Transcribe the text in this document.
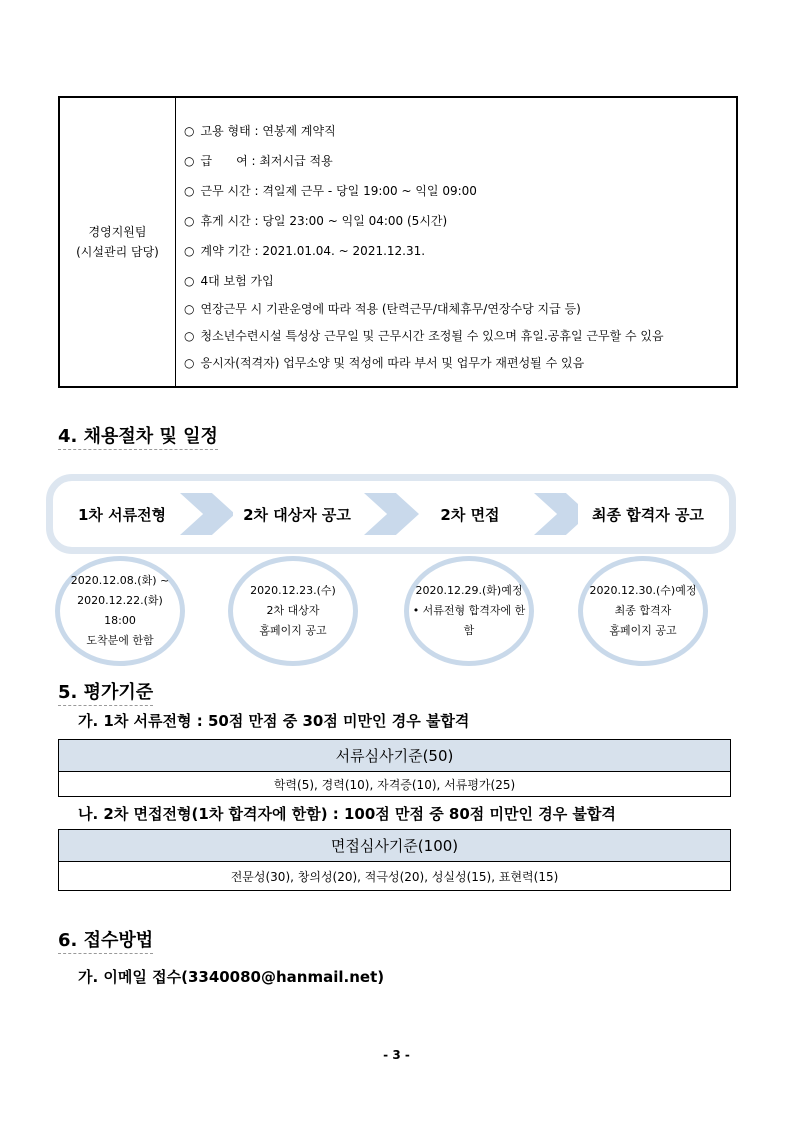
경영지원팀
(시설관리 담당)
○ 고용 형태 : 연봉제 계약직
○ 급　　여 : 최저시급 적용
○ 근무 시간 : 격일제 근무 - 당일 19:00 ~ 익일 09:00
○ 휴게 시간 : 당일 23:00 ~ 익일 04:00 (5시간)
○ 계약 기간 : 2021.01.04. ~ 2021.12.31.
○ 4대 보험 가입
○ 연장근무 시 기관운영에 따라 적용 (탄력근무/대체휴무/연장수당 지급 등)
○ 청소년수련시설 특성상 근무일 및 근무시간 조정될 수 있으며 휴일.공휴일 근무할 수 있음
○ 응시자(적격자) 업무소양 및 적성에 따라 부서 및 업무가 재편성될 수 있음
4. 채용절차 및 일정
1차 서류전형	2차 대상자 공고	2차 면접	최종 합격자 공고
2020.12.08.(화) ~
2020.12.22.(화) 18:00
도착분에 한함
2020.12.23.(수)
2차 대상자
홈페이지 공고
2020.12.29.(화)예정
• 서류전형 합격자에 한함
2020.12.30.(수)예정
최종 합격자
홈페이지 공고
5. 평가기준
가. 1차 서류전형 : 50점 만점 중 30점 미만인 경우 불합격
서류심사기준(50)
학력(5), 경력(10), 자격증(10), 서류평가(25)
나. 2차 면접전형(1차 합격자에 한함) : 100점 만점 중 80점 미만인 경우 불합격
면접심사기준(100)
전문성(30), 창의성(20), 적극성(20), 성실성(15), 표현력(15)
6. 접수방법
가. 이메일 접수(3340080@hanmail.net)
- 3 -
